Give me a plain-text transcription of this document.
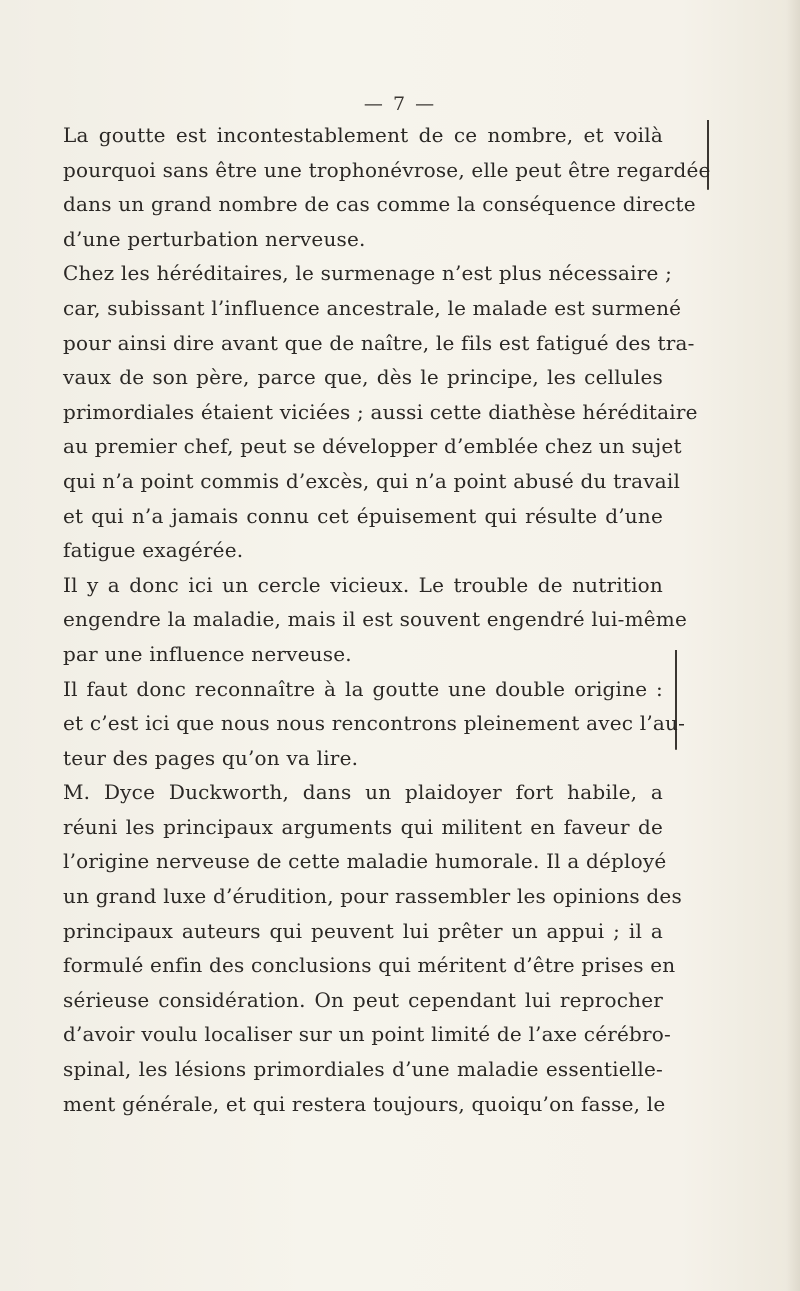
— 7 —
La goutte est incontestablement de ce nombre, et voilà
pourquoi sans être une trophonévrose, elle peut être regardée
dans un grand nombre de cas comme la conséquence directe
d’une perturbation nerveuse.
Chez les héréditaires, le surmenage n’est plus nécessaire ;
car, subissant l’influence ancestrale, le malade est surmené
pour ainsi dire avant que de naître, le fils est fatigué des tra-
vaux de son père, parce que, dès le principe, les cellules
primordiales étaient viciées ; aussi cette diathèse héréditaire
au premier chef, peut se développer d’emblée chez un sujet
qui n’a point commis d’excès, qui n’a point abusé du travail
et qui n’a jamais connu cet épuisement qui résulte d’une
fatigue exagérée.
Il y a donc ici un cercle vicieux. Le trouble de nutrition
engendre la maladie, mais il est souvent engendré lui-même
par une influence nerveuse.
Il faut donc reconnaître à la goutte une double origine :
et c’est ici que nous nous rencontrons pleinement avec l’au-
teur des pages qu’on va lire.
M. Dyce Duckworth, dans un plaidoyer fort habile, a
réuni les principaux arguments qui militent en faveur de
l’origine nerveuse de cette maladie humorale. Il a déployé
un grand luxe d’érudition, pour rassembler les opinions des
principaux auteurs qui peuvent lui prêter un appui ; il a
formulé enfin des conclusions qui méritent d’être prises en
sérieuse considération. On peut cependant lui reprocher
d’avoir voulu localiser sur un point limité de l’axe cérébro-
spinal, les lésions primordiales d’une maladie essentielle-
ment générale, et qui restera toujours, quoiqu’on fasse, le
